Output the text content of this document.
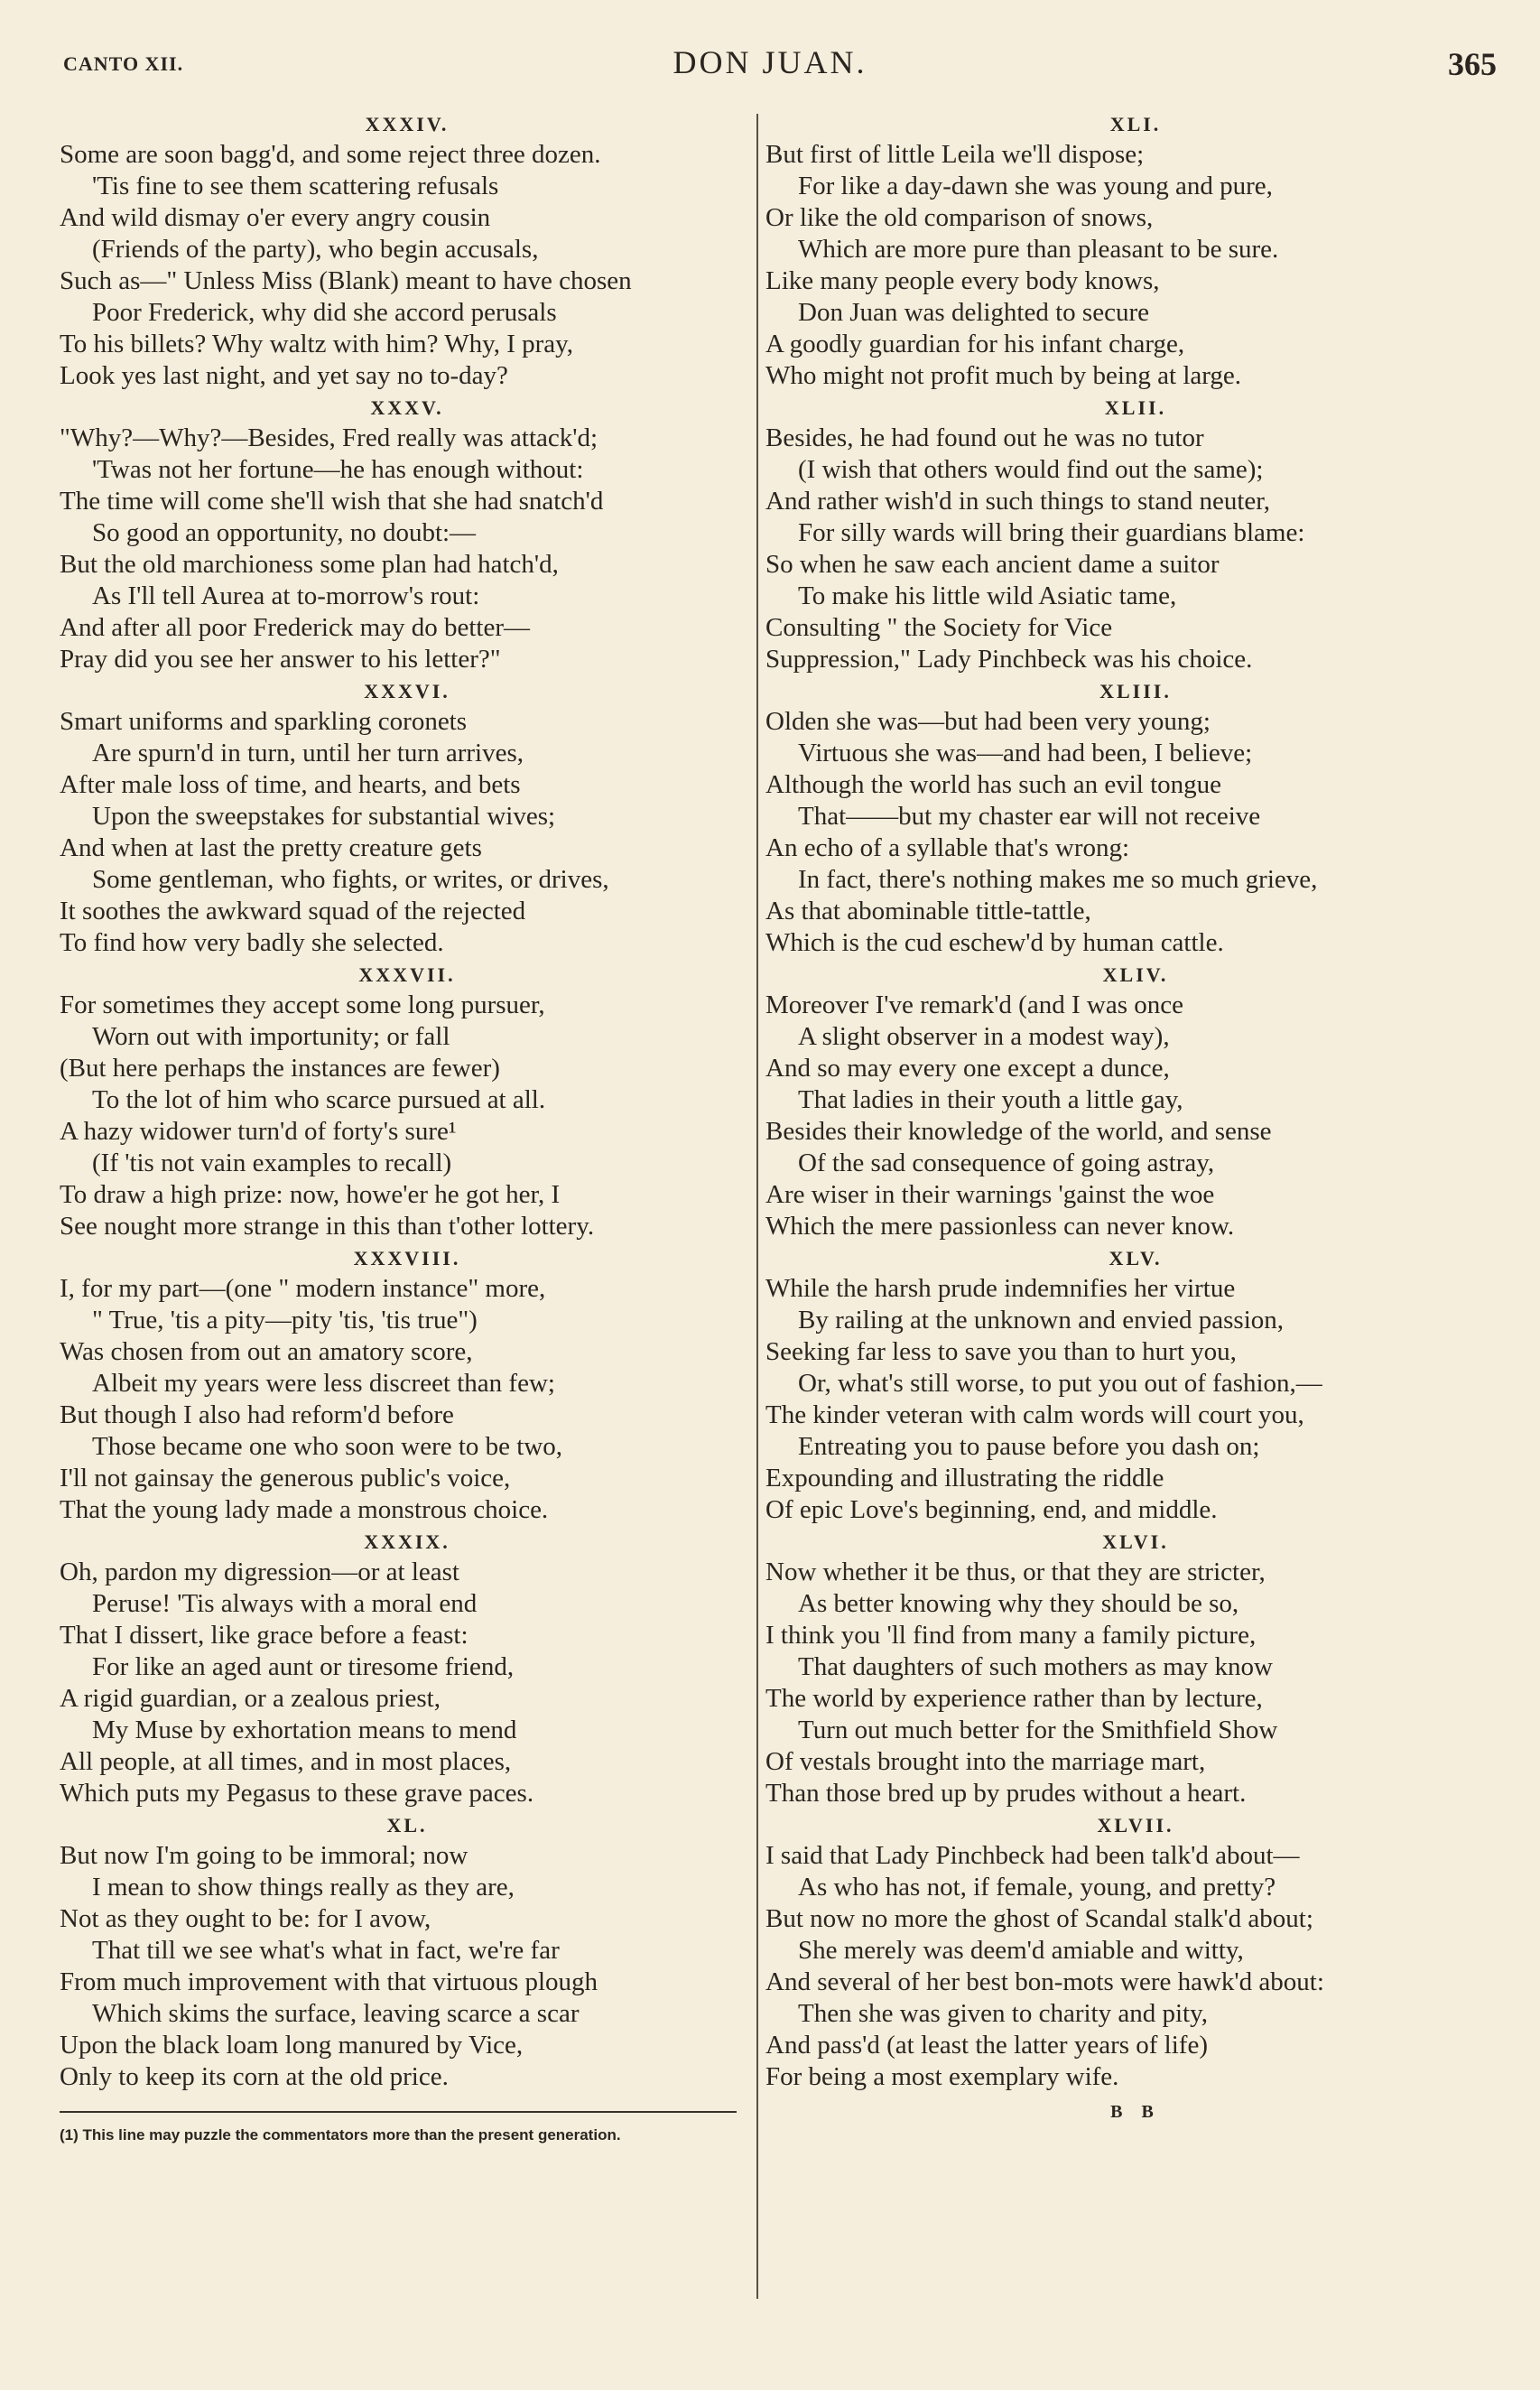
CANTO XII.	DON JUAN.	365
XXXIV.
Some are soon bagg'd, and some reject three dozen.
'Tis fine to see them scattering refusals
And wild dismay o'er every angry cousin
(Friends of the party), who begin accusals,
Such as—" Unless Miss (Blank) meant to have chosen
Poor Frederick, why did she accord perusals
To his billets? Why waltz with him? Why, I pray,
Look yes last night, and yet say no to-day?
XXXV.
"Why?—Why?—Besides, Fred really was attack'd;
'Twas not her fortune—he has enough without:
The time will come she'll wish that she had snatch'd
So good an opportunity, no doubt:—
But the old marchioness some plan had hatch'd,
As I'll tell Aurea at to-morrow's rout:
And after all poor Frederick may do better—
Pray did you see her answer to his letter?"
XXXVI.
Smart uniforms and sparkling coronets
Are spurn'd in turn, until her turn arrives,
After male loss of time, and hearts, and bets
Upon the sweepstakes for substantial wives;
And when at last the pretty creature gets
Some gentleman, who fights, or writes, or drives,
It soothes the awkward squad of the rejected
To find how very badly she selected.
XXXVII.
For sometimes they accept some long pursuer,
Worn out with importunity; or fall
(But here perhaps the instances are fewer)
To the lot of him who scarce pursued at all.
A hazy widower turn'd of forty's sure¹
(If 'tis not vain examples to recall)
To draw a high prize: now, howe'er he got her, I
See nought more strange in this than t'other lottery.
XXXVIII.
I, for my part—(one " modern instance" more,
" True, 'tis a pity—pity 'tis, 'tis true")
Was chosen from out an amatory score,
Albeit my years were less discreet than few;
But though I also had reform'd before
Those became one who soon were to be two,
I'll not gainsay the generous public's voice,
That the young lady made a monstrous choice.
XXXIX.
Oh, pardon my digression—or at least
Peruse! 'Tis always with a moral end
That I dissert, like grace before a feast:
For like an aged aunt or tiresome friend,
A rigid guardian, or a zealous priest,
My Muse by exhortation means to mend
All people, at all times, and in most places,
Which puts my Pegasus to these grave paces.
XL.
But now I'm going to be immoral; now
I mean to show things really as they are,
Not as they ought to be: for I avow,
That till we see what's what in fact, we're far
From much improvement with that virtuous plough
Which skims the surface, leaving scarce a scar
Upon the black loam long manured by Vice,
Only to keep its corn at the old price.
(1) This line may puzzle the commentators more than the present generation.
XLI.
But first of little Leila we'll dispose;
For like a day-dawn she was young and pure,
Or like the old comparison of snows,
Which are more pure than pleasant to be sure.
Like many people every body knows,
Don Juan was delighted to secure
A goodly guardian for his infant charge,
Who might not profit much by being at large.
XLII.
Besides, he had found out he was no tutor
(I wish that others would find out the same);
And rather wish'd in such things to stand neuter,
For silly wards will bring their guardians blame:
So when he saw each ancient dame a suitor
To make his little wild Asiatic tame,
Consulting " the Society for Vice
Suppression," Lady Pinchbeck was his choice.
XLIII.
Olden she was—but had been very young;
Virtuous she was—and had been, I believe;
Although the world has such an evil tongue
That——but my chaster ear will not receive
An echo of a syllable that's wrong:
In fact, there's nothing makes me so much grieve,
As that abominable tittle-tattle,
Which is the cud eschew'd by human cattle.
XLIV.
Moreover I've remark'd (and I was once
A slight observer in a modest way),
And so may every one except a dunce,
That ladies in their youth a little gay,
Besides their knowledge of the world, and sense
Of the sad consequence of going astray,
Are wiser in their warnings 'gainst the woe
Which the mere passionless can never know.
XLV.
While the harsh prude indemnifies her virtue
By railing at the unknown and envied passion,
Seeking far less to save you than to hurt you,
Or, what's still worse, to put you out of fashion,—
The kinder veteran with calm words will court you,
Entreating you to pause before you dash on;
Expounding and illustrating the riddle
Of epic Love's beginning, end, and middle.
XLVI.
Now whether it be thus, or that they are stricter,
As better knowing why they should be so,
I think you 'll find from many a family picture,
That daughters of such mothers as may know
The world by experience rather than by lecture,
Turn out much better for the Smithfield Show
Of vestals brought into the marriage mart,
Than those bred up by prudes without a heart.
XLVII.
I said that Lady Pinchbeck had been talk'd about—
As who has not, if female, young, and pretty?
But now no more the ghost of Scandal stalk'd about;
She merely was deem'd amiable and witty,
And several of her best bon-mots were hawk'd about:
Then she was given to charity and pity,
And pass'd (at least the latter years of life)
For being a most exemplary wife.
B B
